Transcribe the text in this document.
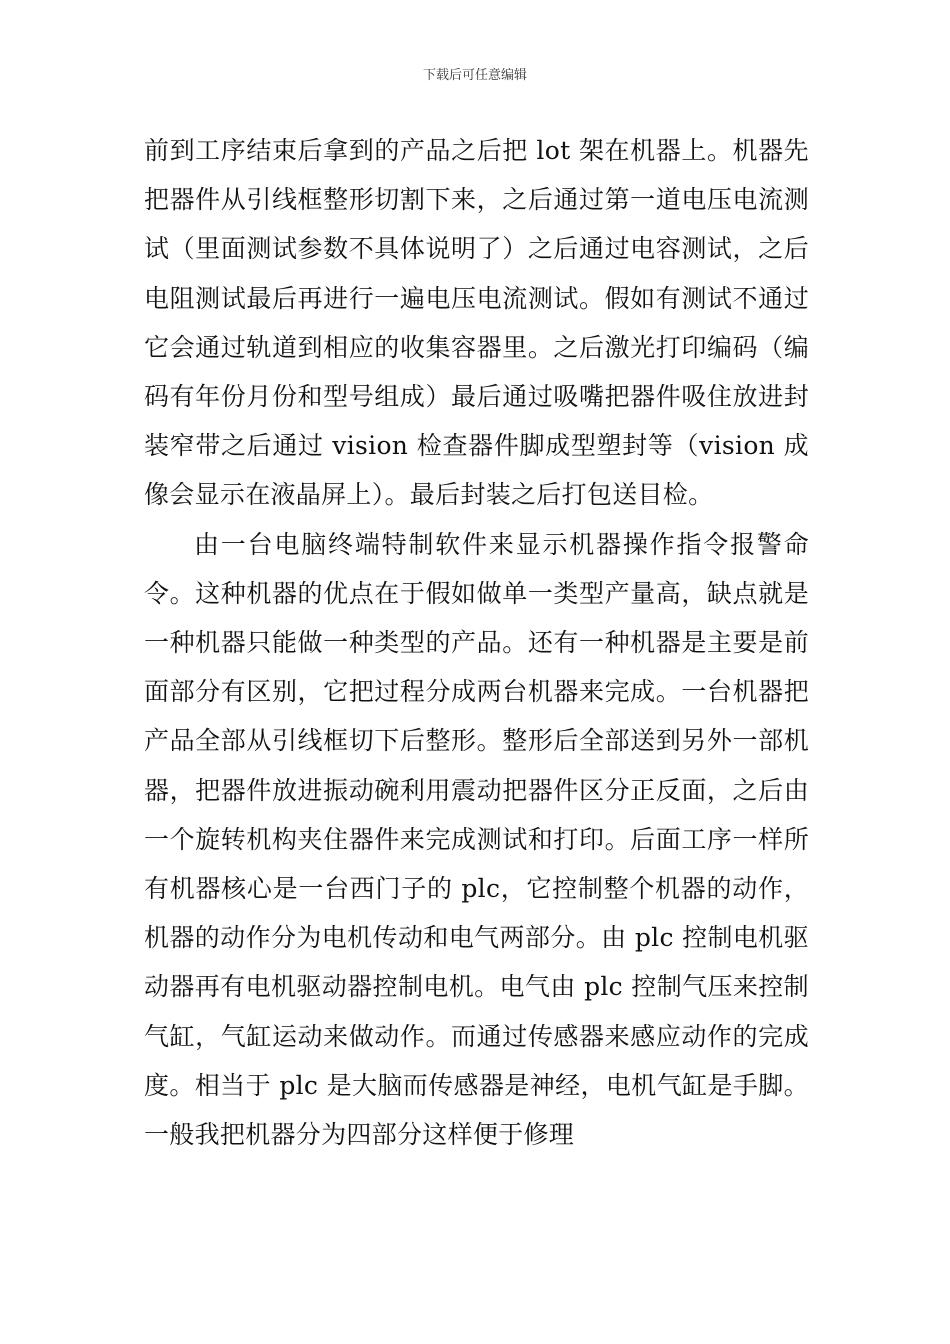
下载后可任意编辑

前到工序结束后拿到的产品之后把 lot 架在机器上。机器先把器件从引线框整形切割下来，之后通过第一道电压电流测试（里面测试参数不具体说明了）之后通过电容测试，之后电阻测试最后再进行一遍电压电流测试。假如有测试不通过它会通过轨道到相应的收集容器里。之后激光打印编码（编码有年份月份和型号组成）最后通过吸嘴把器件吸住放进封装窄带之后通过 vision 检查器件脚成型塑封等（vision 成像会显示在液晶屏上）。最后封装之后打包送目检。

由一台电脑终端特制软件来显示机器操作指令报警命令。这种机器的优点在于假如做单一类型产量高，缺点就是一种机器只能做一种类型的产品。还有一种机器是主要是前面部分有区别，它把过程分成两台机器来完成。一台机器把产品全部从引线框切下后整形。整形后全部送到另外一部机器，把器件放进振动碗利用震动把器件区分正反面，之后由一个旋转机构夹住器件来完成测试和打印。后面工序一样所有机器核心是一台西门子的 plc，它控制整个机器的动作，机器的动作分为电机传动和电气两部分。由 plc 控制电机驱动器再有电机驱动器控制电机。电气由 plc 控制气压来控制气缸，气缸运动来做动作。而通过传感器来感应动作的完成度。相当于 plc 是大脑而传感器是神经，电机气缸是手脚。一般我把机器分为四部分这样便于修理
